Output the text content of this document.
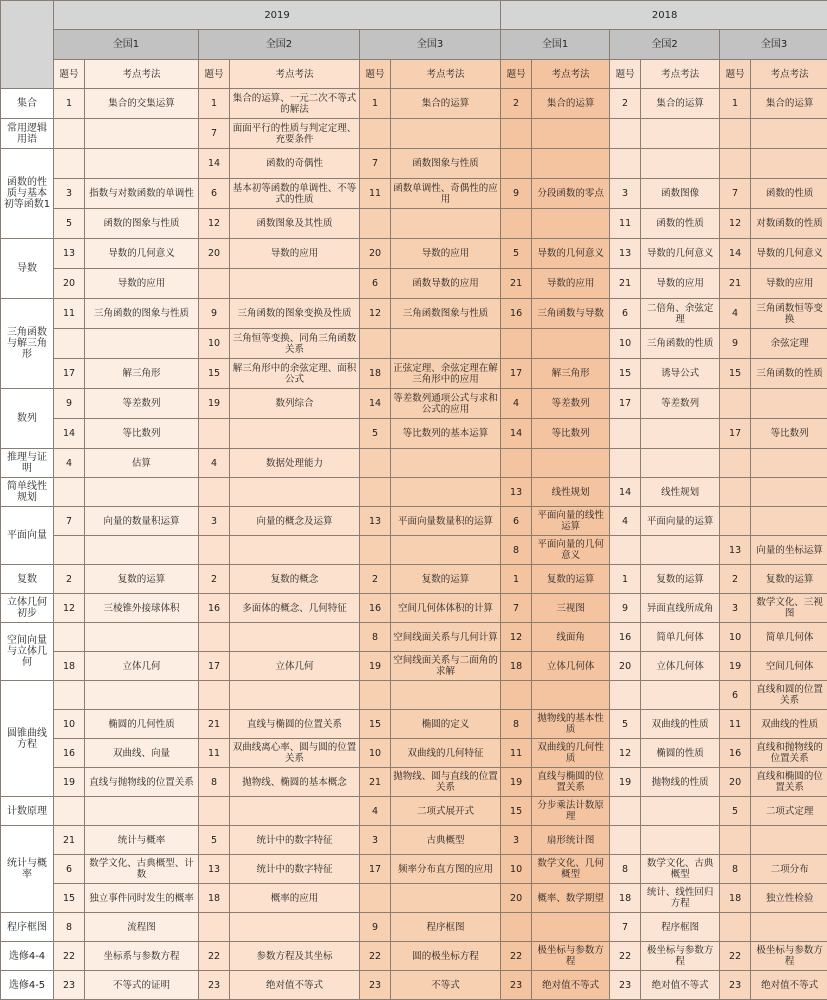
	2019						2018					
	全国1		全国2		全国3		全国1		全国2		全国3	
	题号	考点考法	题号	考点考法	题号	考点考法	题号	考点考法	题号	考点考法	题号	考点考法
集合	1	集合的交集运算	1	集合的运算、一元二次不等式的解法	1	集合的运算	2	集合的运算	2	集合的运算	1	集合的运算
常用逻辑用语			7	面面平行的性质与判定定理、充要条件								
函数的性质与基本初等函数1			14	函数的奇偶性	7	函数图象与性质						
	3	指数与对数函数的单调性	6	基本初等函数的单调性、不等式的性质	11	函数单调性、奇偶性的应用	9	分段函数的零点	3	函数图像	7	函数的性质
	5	函数的图象与性质	12	函数图象及其性质					11	函数的性质	12	对数函数的性质
导数	13	导数的几何意义	20	导数的应用	20	导数的应用	5	导数的几何意义	13	导数的几何意义	14	导数的几何意义
	20	导数的应用			6	函数导数的应用	21	导数的应用	21	导数的应用	21	导数的应用
三角函数与解三角形	11	三角函数的图象与性质	9	三角函数的图象变换及性质	12	三角函数图象与性质	16	三角函数与导数	6	二倍角、余弦定理	4	三角函数恒等变换
			10	三角恒等变换、同角三角函数关系					10	三角函数的性质	9	余弦定理
	17	解三角形	15	解三角形中的余弦定理、面积公式	18	正弦定理、余弦定理在解三角形中的应用	17	解三角形	15	诱导公式	15	三角函数的性质
数列	9	等差数列	19	数列综合	14	等差数列通项公式与求和公式的应用	4	等差数列	17	等差数列		
	14	等比数列			5	等比数列的基本运算	14	等比数列			17	等比数列
推理与证明	4	估算	4	数据处理能力								
简单线性规划							13	线性规划	14	线性规划		
平面向量	7	向量的数量积运算	3	向量的概念及运算	13	平面向量数量积的运算	6	平面向量的线性运算	4	平面向量的运算		
							8	平面向量的几何意义			13	向量的坐标运算
复数	2	复数的运算	2	复数的概念	2	复数的运算	1	复数的运算	1	复数的运算	2	复数的运算
立体几何初步	12	三棱锥外接球体积	16	多面体的概念、几何特征	16	空间几何体体积的计算	7	三视图	9	异面直线所成角	3	数学文化、三视图
空间向量与立体几何					8	空间线面关系与几何计算	12	线面角	16	简单几何体	10	简单几何体
	18	立体几何	17	立体几何	19	空间线面关系与二面角的求解	18	立体几何体	20	立体几何体	19	空间几何体
圆锥曲线方程											6	直线和圆的位置关系
	10	椭圆的几何性质	21	直线与椭圆的位置关系	15	椭圆的定义	8	抛物线的基本性质	5	双曲线的性质	11	双曲线的性质
	16	双曲线、向量	11	双曲线离心率、圆与圆的位置关系	10	双曲线的几何特征	11	双曲线的几何性质	12	椭圆的性质	16	直线和抛物线的位置关系
	19	直线与抛物线的位置关系	8	抛物线、椭圆的基本概念	21	抛物线、圆与直线的位置关系	19	直线与椭圆的位置关系	19	抛物线的性质	20	直线和椭圆的位置关系
计数原理					4	二项式展开式	15	分步乘法计数原理			5	二项式定理
统计与概率	21	统计与概率	5	统计中的数字特征	3	古典概型	3	扇形统计图				
	6	数学文化、古典概型、计数	13	统计中的数字特征	17	频率分布直方图的应用	10	数学文化、几何概型	8	数学文化、古典概型	8	二项分布
	15	独立事件同时发生的概率	18	概率的应用			20	概率、数学期望	18	统计、线性回归方程	18	独立性检验
程序框图	8	流程图			9	程序框图			7	程序框图		
选修4-4	22	坐标系与参数方程	22	参数方程及其坐标	22	圆的极坐标方程	22	极坐标与参数方程	22	极坐标与参数方程	22	极坐标与参数方程
选修4-5	23	不等式的证明	23	绝对值不等式	23	不等式	23	绝对值不等式	23	绝对值不等式	23	绝对值不等式
